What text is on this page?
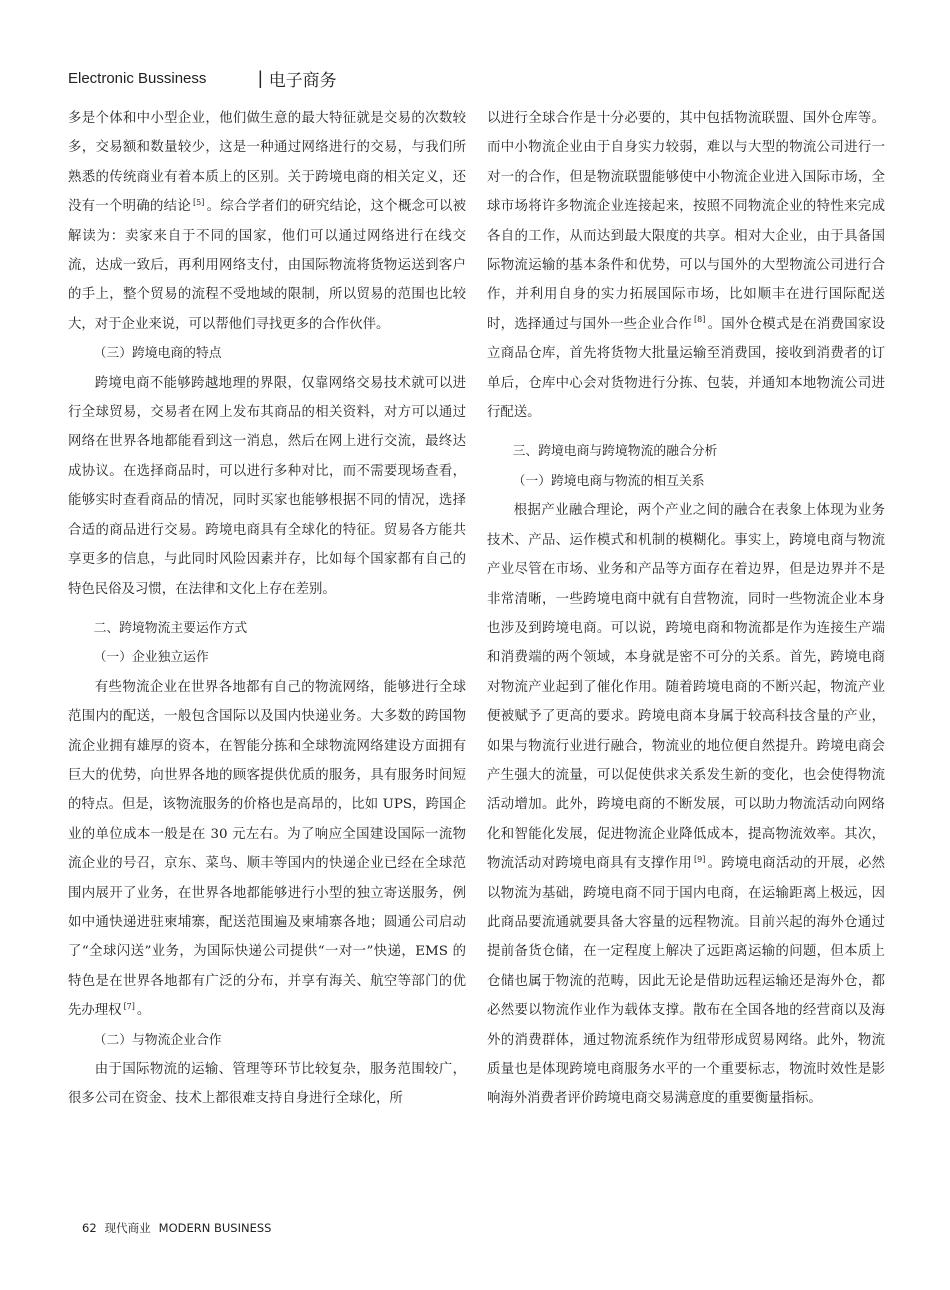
Electronic Bussiness	| 电子商务

多是个体和中小型企业，他们做生意的最大特征就是交易的次数较多，交易额和数量较少，这是一种通过网络进行的交易，与我们所熟悉的传统商业有着本质上的区别。关于跨境电商的相关定义，还没有一个明确的结论 [5] 。综合学者们的研究结论，这个概念可以被解读为：卖家来自于不同的国家，他们可以通过网络进行在线交流，达成一致后，再利用网络支付，由国际物流将货物运送到客户的手上，整个贸易的流程不受地域的限制，所以贸易的范围也比较大，对于企业来说，可以帮他们寻找更多的合作伙伴。

（三）跨境电商的特点

跨境电商不能够跨越地理的界限，仅靠网络交易技术就可以进行全球贸易，交易者在网上发布其商品的相关资料，对方可以通过网络在世界各地都能看到这一消息，然后在网上进行交流，最终达成协议。在选择商品时，可以进行多种对比，而不需要现场查看，能够实时查看商品的情况，同时买家也能够根据不同的情况，选择合适的商品进行交易。跨境电商具有全球化的特征。贸易各方能共享更多的信息，与此同时风险因素并存，比如每个国家都有自己的特色民俗及习惯，在法律和文化上存在差别。

二、跨境物流主要运作方式

（一）企业独立运作

有些物流企业在世界各地都有自己的物流网络，能够进行全球范围内的配送，一般包含国际以及国内快递业务。大多数的跨国物流企业拥有雄厚的资本，在智能分拣和全球物流网络建设方面拥有巨大的优势，向世界各地的顾客提供优质的服务，具有服务时间短的特点。但是，该物流服务的价格也是高昂的，比如 UPS，跨国企业的单位成本一般是在 30 元左右。为了响应全国建设国际一流物流企业的号召，京东、菜鸟、顺丰等国内的快递企业已经在全球范围内展开了业务，在世界各地都能够进行小型的独立寄送服务，例如中通快递进驻柬埔寨，配送范围遍及柬埔寨各地；圆通公司启动了“全球闪送”业务，为国际快递公司提供“一对一”快递，EMS 的特色是在世界各地都有广泛的分布，并享有海关、航空等部门的优先办理权 [7] 。

（二）与物流企业合作

由于国际物流的运输、管理等环节比较复杂，服务范围较广，很多公司在资金、技术上都很难支持自身进行全球化，所

以进行全球合作是十分必要的，其中包括物流联盟、国外仓库等。而中小物流企业由于自身实力较弱，难以与大型的物流公司进行一对一的合作，但是物流联盟能够使中小物流企业进入国际市场，全球市场将许多物流企业连接起来，按照不同物流企业的特性来完成各自的工作，从而达到最大限度的共享。相对大企业，由于具备国际物流运输的基本条件和优势，可以与国外的大型物流公司进行合作，并利用自身的实力拓展国际市场，比如顺丰在进行国际配送时，选择通过与国外一些企业合作 [8] 。国外仓模式是在消费国家设立商品仓库，首先将货物大批量运输至消费国，接收到消费者的订单后，仓库中心会对货物进行分拣、包装，并通知本地物流公司进行配送。

三、跨境电商与跨境物流的融合分析

（一）跨境电商与物流的相互关系

根据产业融合理论，两个产业之间的融合在表象上体现为业务技术、产品、运作模式和机制的模糊化。事实上，跨境电商与物流产业尽管在市场、业务和产品等方面存在着边界，但是边界并不是非常清晰，一些跨境电商中就有自营物流，同时一些物流企业本身也涉及到跨境电商。可以说，跨境电商和物流都是作为连接生产端和消费端的两个领域，本身就是密不可分的关系。首先，跨境电商对物流产业起到了催化作用。随着跨境电商的不断兴起，物流产业便被赋予了更高的要求。跨境电商本身属于较高科技含量的产业，如果与物流行业进行融合，物流业的地位便自然提升。跨境电商会产生强大的流量，可以促使供求关系发生新的变化，也会使得物流活动增加。此外，跨境电商的不断发展，可以助力物流活动向网络化和智能化发展，促进物流企业降低成本，提高物流效率。其次，物流活动对跨境电商具有支撑作用 [9] 。跨境电商活动的开展，必然以物流为基础，跨境电商不同于国内电商，在运输距离上极远，因此商品要流通就要具备大容量的远程物流。目前兴起的海外仓通过提前备货仓储，在一定程度上解决了远距离运输的问题，但本质上仓储也属于物流的范畴，因此无论是借助远程运输还是海外仓，都必然要以物流作业作为载体支撑。散布在全国各地的经营商以及海外的消费群体，通过物流系统作为纽带形成贸易网络。此外，物流质量也是体现跨境电商服务水平的一个重要标志，物流时效性是影响海外消费者评价跨境电商交易满意度的重要衡量指标。

62 现代商业 MODERN BUSINESS
